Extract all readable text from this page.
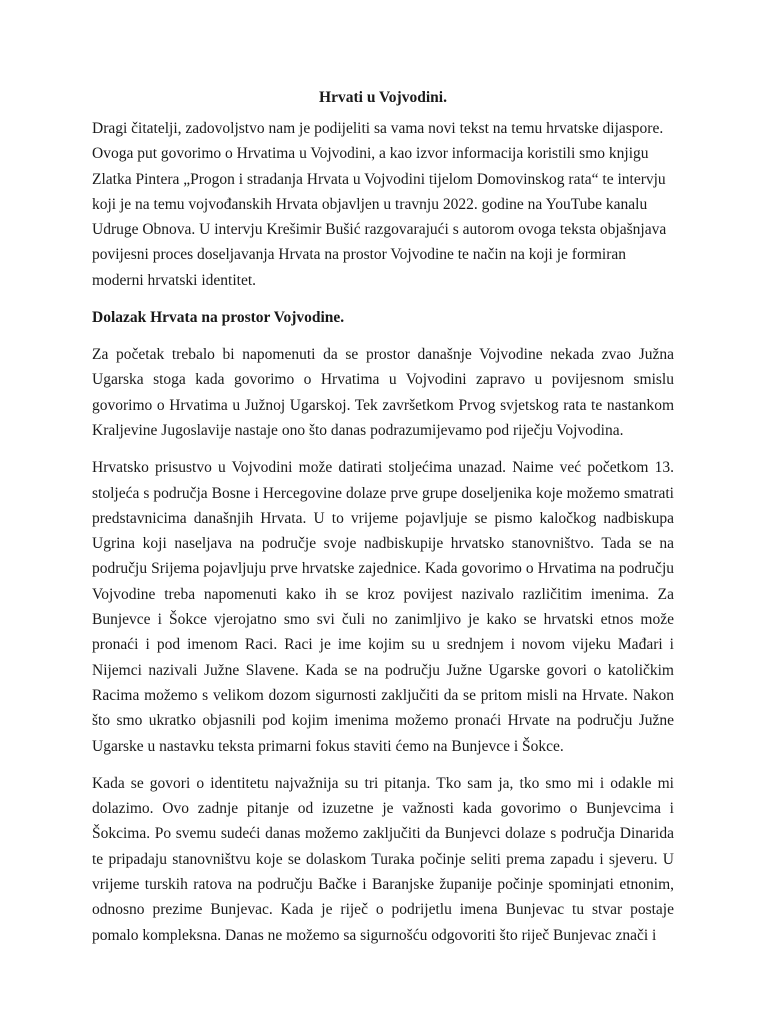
Hrvati u Vojvodini.

Dragi čitatelji, zadovoljstvo nam je podijeliti sa vama novi tekst na temu hrvatske dijaspore. Ovoga put govorimo o Hrvatima u Vojvodini, a kao izvor informacija koristili smo knjigu Zlatka Pintera „Progon i stradanja Hrvata u Vojvodini tijelom Domovinskog rata“ te intervju koji je na temu vojvođanskih Hrvata objavljen u travnju 2022. godine na YouTube kanalu Udruge Obnova. U intervju Krešimir Bušić razgovarajući s autorom ovoga teksta objašnjava povijesni proces doseljavanja Hrvata na prostor Vojvodine te način na koji je formiran moderni hrvatski identitet.

Dolazak Hrvata na prostor Vojvodine.

Za početak trebalo bi napomenuti da se prostor današnje Vojvodine nekada zvao Južna Ugarska stoga kada govorimo o Hrvatima u Vojvodini zapravo u povijesnom smislu govorimo o Hrvatima u Južnoj Ugarskoj. Tek završetkom Prvog svjetskog rata te nastankom Kraljevine Jugoslavije nastaje ono što danas podrazumijevamo pod riječju Vojvodina.

Hrvatsko prisustvo u Vojvodini može datirati stoljećima unazad. Naime već početkom 13. stoljeća s područja Bosne i Hercegovine dolaze prve grupe doseljenika koje možemo smatrati predstavnicima današnjih Hrvata. U to vrijeme pojavljuje se pismo kaločkog nadbiskupa Ugrina koji naseljava na područje svoje nadbiskupije hrvatsko stanovništvo. Tada se na području Srijema pojavljuju prve hrvatske zajednice. Kada govorimo o Hrvatima na području Vojvodine treba napomenuti kako ih se kroz povijest nazivalo različitim imenima. Za Bunjevce i Šokce vjerojatno smo svi čuli no zanimljivo je kako se hrvatski etnos može pronaći i pod imenom Raci. Raci je ime kojim su u srednjem i novom vijeku Mađari i Nijemci nazivali Južne Slavene. Kada se na području Južne Ugarske govori o katoličkim Racima možemo s velikom dozom sigurnosti zaključiti da se pritom misli na Hrvate. Nakon što smo ukratko objasnili pod kojim imenima možemo pronaći Hrvate na području Južne Ugarske u nastavku teksta primarni fokus staviti ćemo na Bunjevce i Šokce.

Kada se govori o identitetu najvažnija su tri pitanja. Tko sam ja, tko smo mi i odakle mi dolazimo. Ovo zadnje pitanje od izuzetne je važnosti kada govorimo o Bunjevcima i Šokcima. Po svemu sudeći danas možemo zaključiti da Bunjevci dolaze s područja Dinarida te pripadaju stanovništvu koje se dolaskom Turaka počinje seliti prema zapadu i sjeveru. U vrijeme turskih ratova na području Bačke i Baranjske županije počinje spominjati etnonim, odnosno prezime Bunjevac. Kada je riječ o podrijetlu imena Bunjevac tu stvar postaje pomalo kompleksna. Danas ne možemo sa sigurnošću odgovoriti što riječ Bunjevac znači i
